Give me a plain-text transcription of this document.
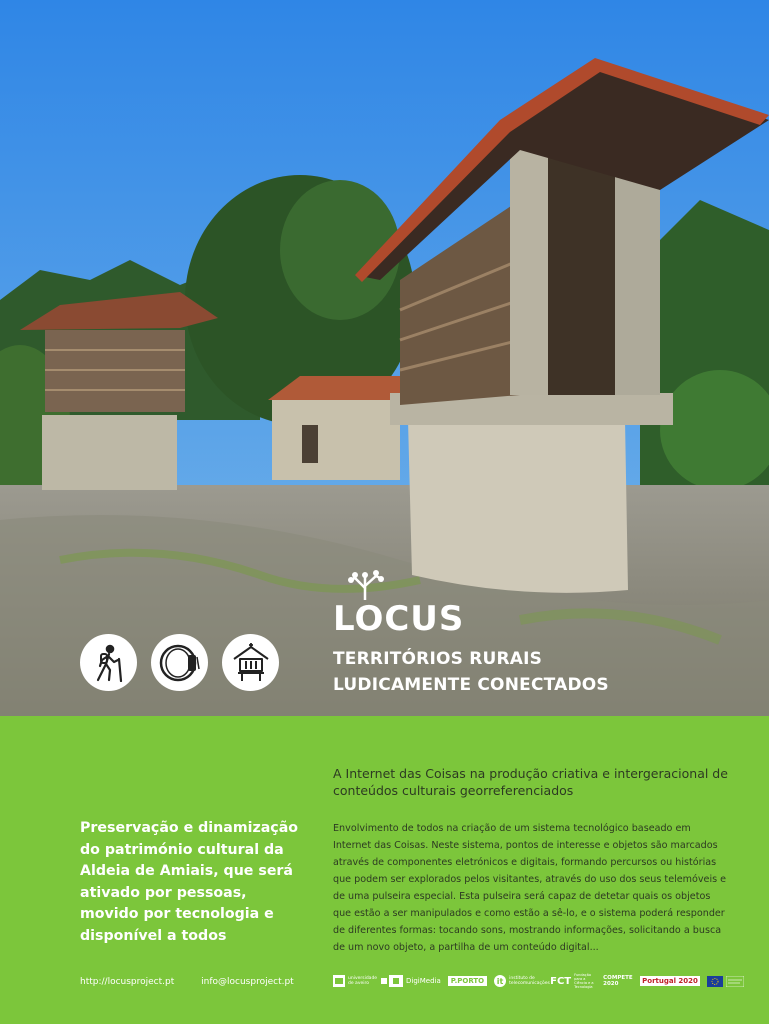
LOCUS
TERRITÓRIOS RURAIS
LUDICAMENTE CONECTADOS
A Internet das Coisas na produção criativa e intergeracional de conteúdos culturais georreferenciados
Preservação e dinamização do património cultural da Aldeia de Amiais, que será ativado por pessoas, movido por tecnologia e disponível a todos
Envolvimento de todos na criação de um sistema tecnológico baseado em Internet das Coisas. Neste sistema, pontos de interesse e objetos são marcados através de componentes eletrónicos e digitais, formando percursos ou histórias que podem ser explorados pelos visitantes, através do uso dos seus telemóveis e de uma pulseira especial. Esta pulseira será capaz de detetar quais os objetos que estão a ser manipulados e como estão a sê-lo, e o sistema poderá responder de diferentes formas: tocando sons, mostrando informações, solicitando a busca de um novo objeto, a partilha de um conteúdo digital...
http://locusproject.pt	info@locusproject.pt	universidade de aveiro	DigiMedia	P.PORTO	it instituto de telecomunicações FCT
Fundação para a Ciência e a Tecnologia
COMPETE 2020	Portugal 2020
